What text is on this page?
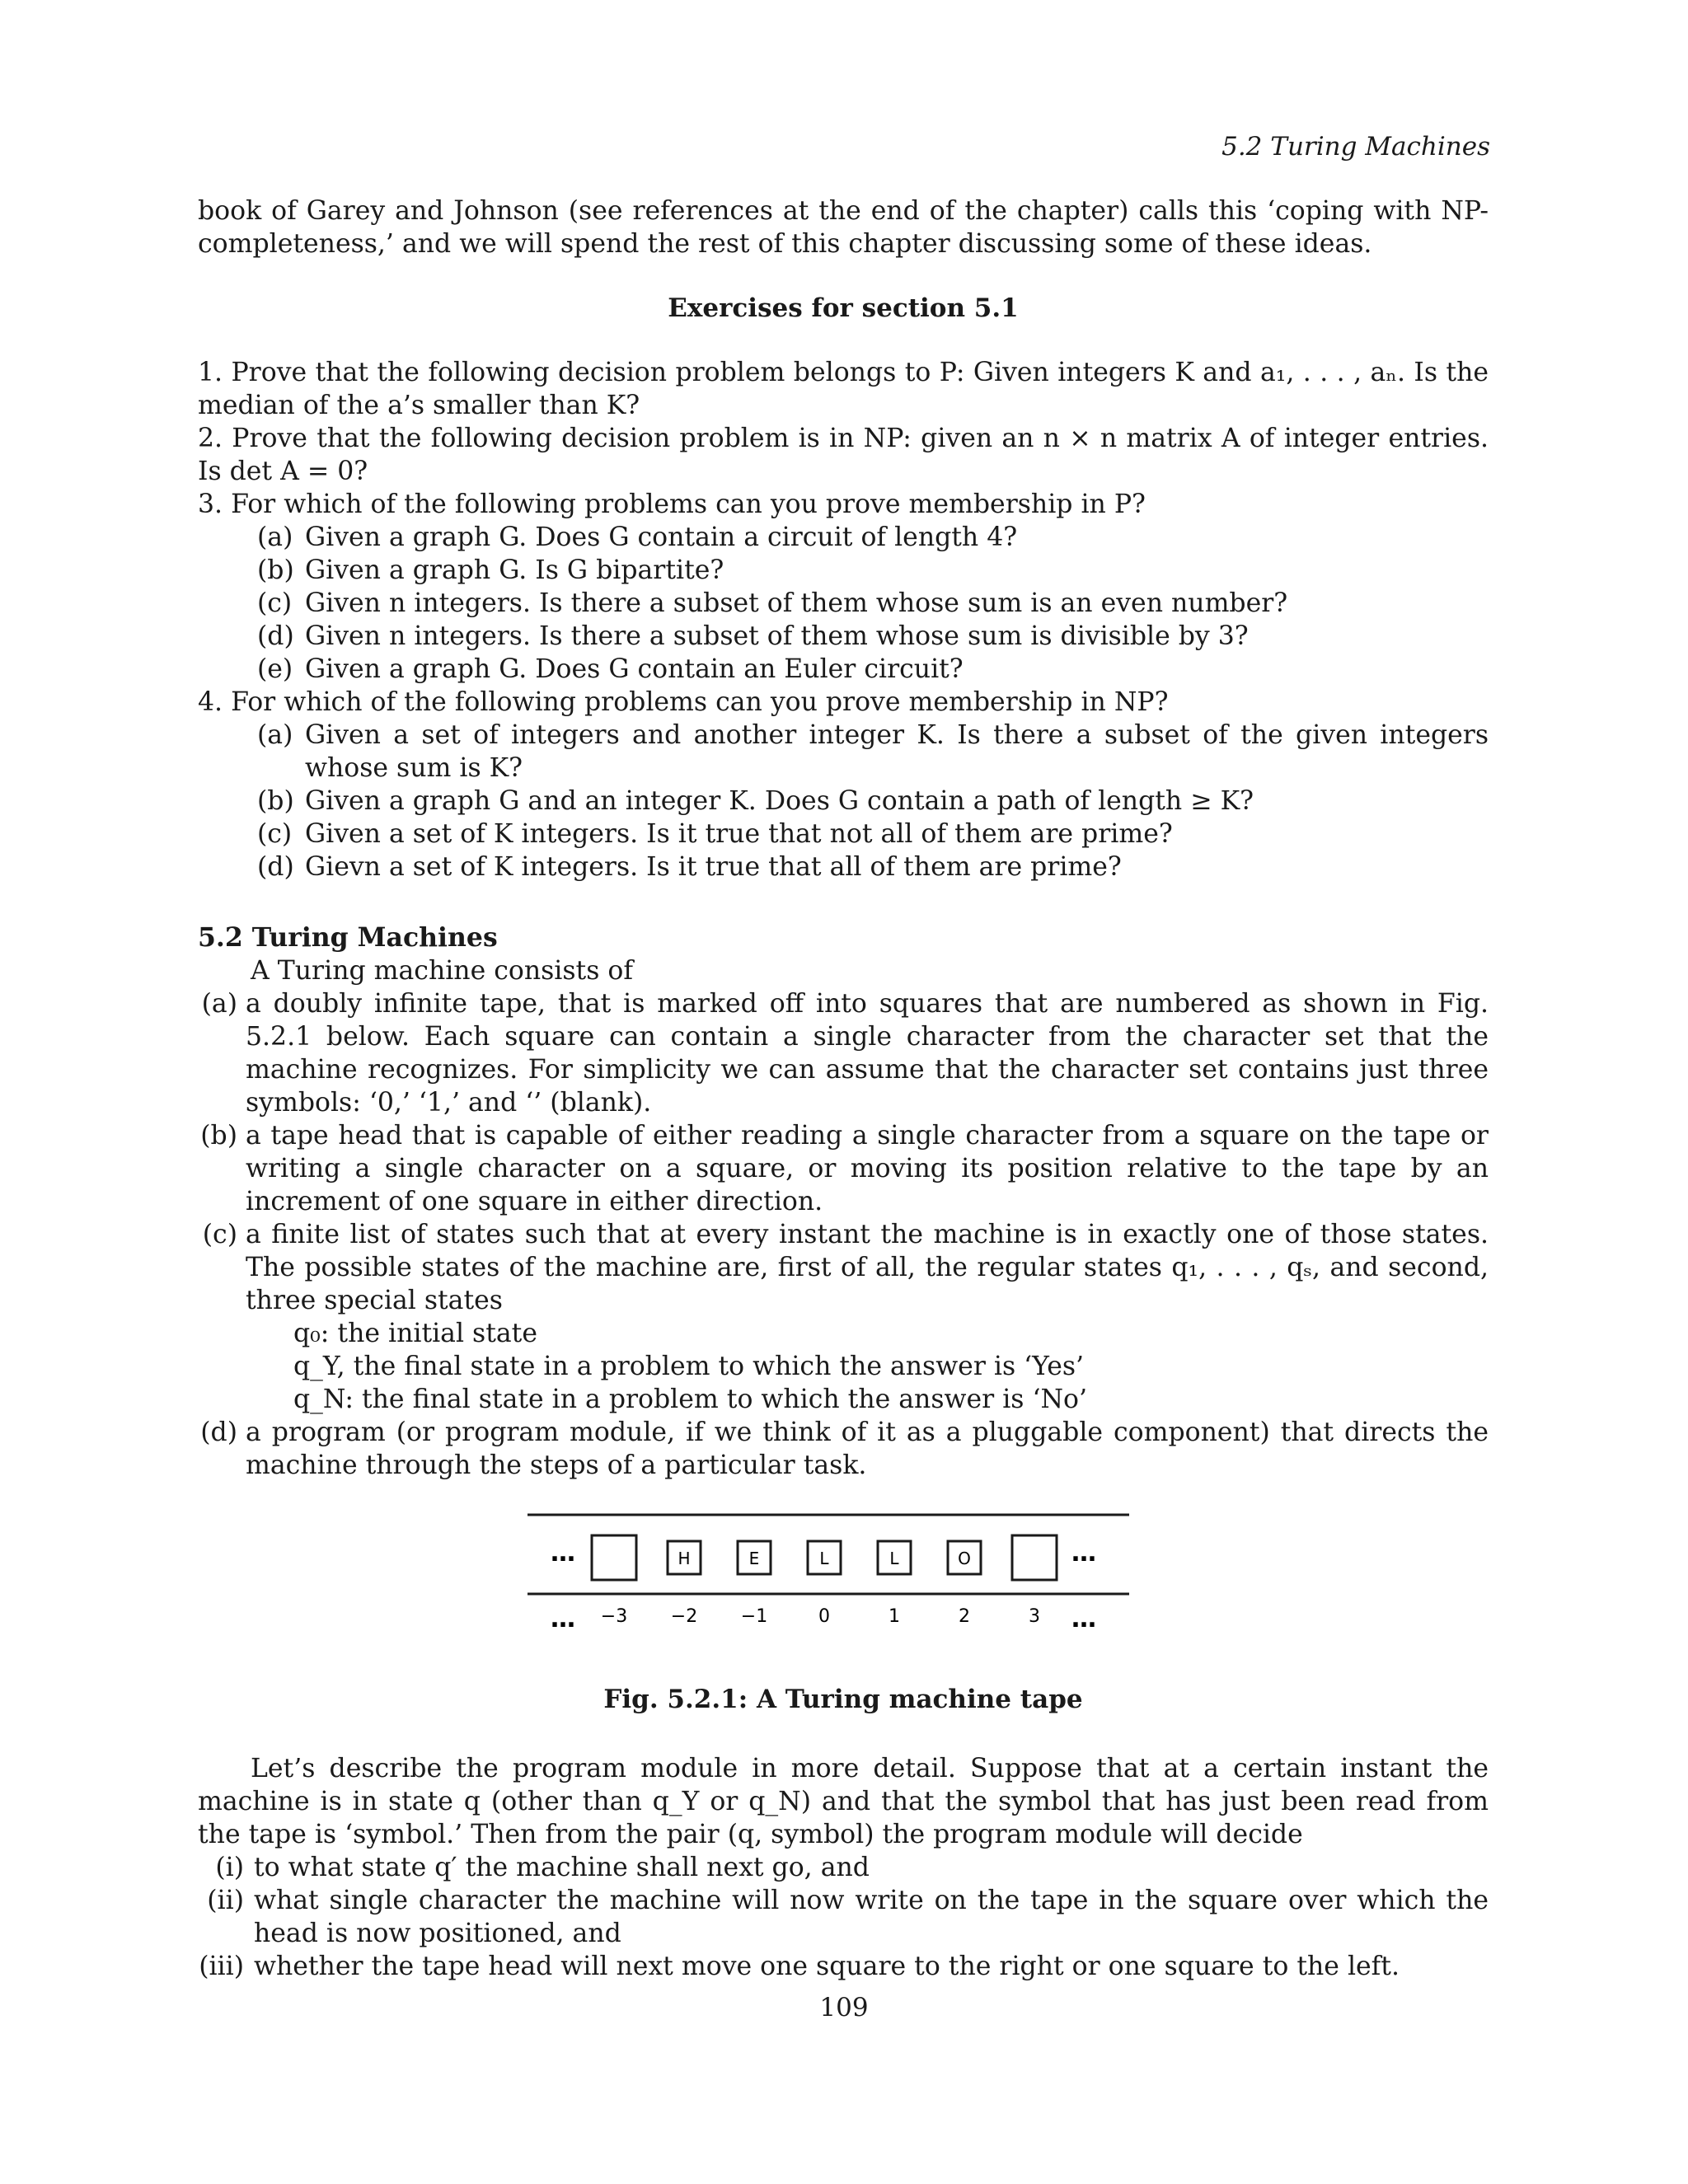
5.2 Turing Machines

book of Garey and Johnson (see references at the end of the chapter) calls this ‘coping with NP-completeness,’ and we will spend the rest of this chapter discussing some of these ideas.

Exercises for section 5.1

1. Prove that the following decision problem belongs to P: Given integers K and a₁, . . . , aₙ. Is the median of the a’s smaller than K?

2. Prove that the following decision problem is in NP: given an n × n matrix A of integer entries. Is det A = 0?

3. For which of the following problems can you prove membership in P?
(a) Given a graph G. Does G contain a circuit of length 4?
(b) Given a graph G. Is G bipartite?
(c) Given n integers. Is there a subset of them whose sum is an even number?
(d) Given n integers. Is there a subset of them whose sum is divisible by 3?
(e) Given a graph G. Does G contain an Euler circuit?
4. For which of the following problems can you prove membership in NP?
(a) Given a set of integers and another integer K. Is there a subset of the given integers whose sum is K?
(b) Given a graph G and an integer K. Does G contain a path of length ≥ K?
(c) Given a set of K integers. Is it true that not all of them are prime?
(d) Gievn a set of K integers. Is it true that all of them are prime?
5.2 Turing Machines

A Turing machine consists of

(a) a doubly infinite tape, that is marked off into squares that are numbered as shown in Fig. 5.2.1 below. Each square can contain a single character from the character set that the machine recognizes. For simplicity we can assume that the character set contains just three symbols: ‘0,’ ‘1,’ and ‘’ (blank).
(b) a tape head that is capable of either reading a single character from a square on the tape or writing a single character on a square, or moving its position relative to the tape by an increment of one square in either direction.
(c) a finite list of states such that at every instant the machine is in exactly one of those states. The possible states of the machine are, first of all, the regular states q₁, . . . , qₛ, and second, three special states
q₀: the initial state
q_Y, the final state in a problem to which the answer is ‘Yes’
q_N: the final state in a problem to which the answer is ‘No’
(d) a program (or program module, if we think of it as a pluggable component) that directs the machine through the steps of a particular task.
…	…
…	…
H	E	L	L	O
−3 −2 −1	0	1	2	3
Fig. 5.2.1: A Turing machine tape

Let’s describe the program module in more detail. Suppose that at a certain instant the machine is in state q (other than q_Y or q_N) and that the symbol that has just been read from the tape is ‘symbol.’ Then from the pair (q, symbol) the program module will decide

(i) to what state q′ the machine shall next go, and
(ii) what single character the machine will now write on the tape in the square over which the head is now positioned, and
(iii) whether the tape head will next move one square to the right or one square to the left.
109
